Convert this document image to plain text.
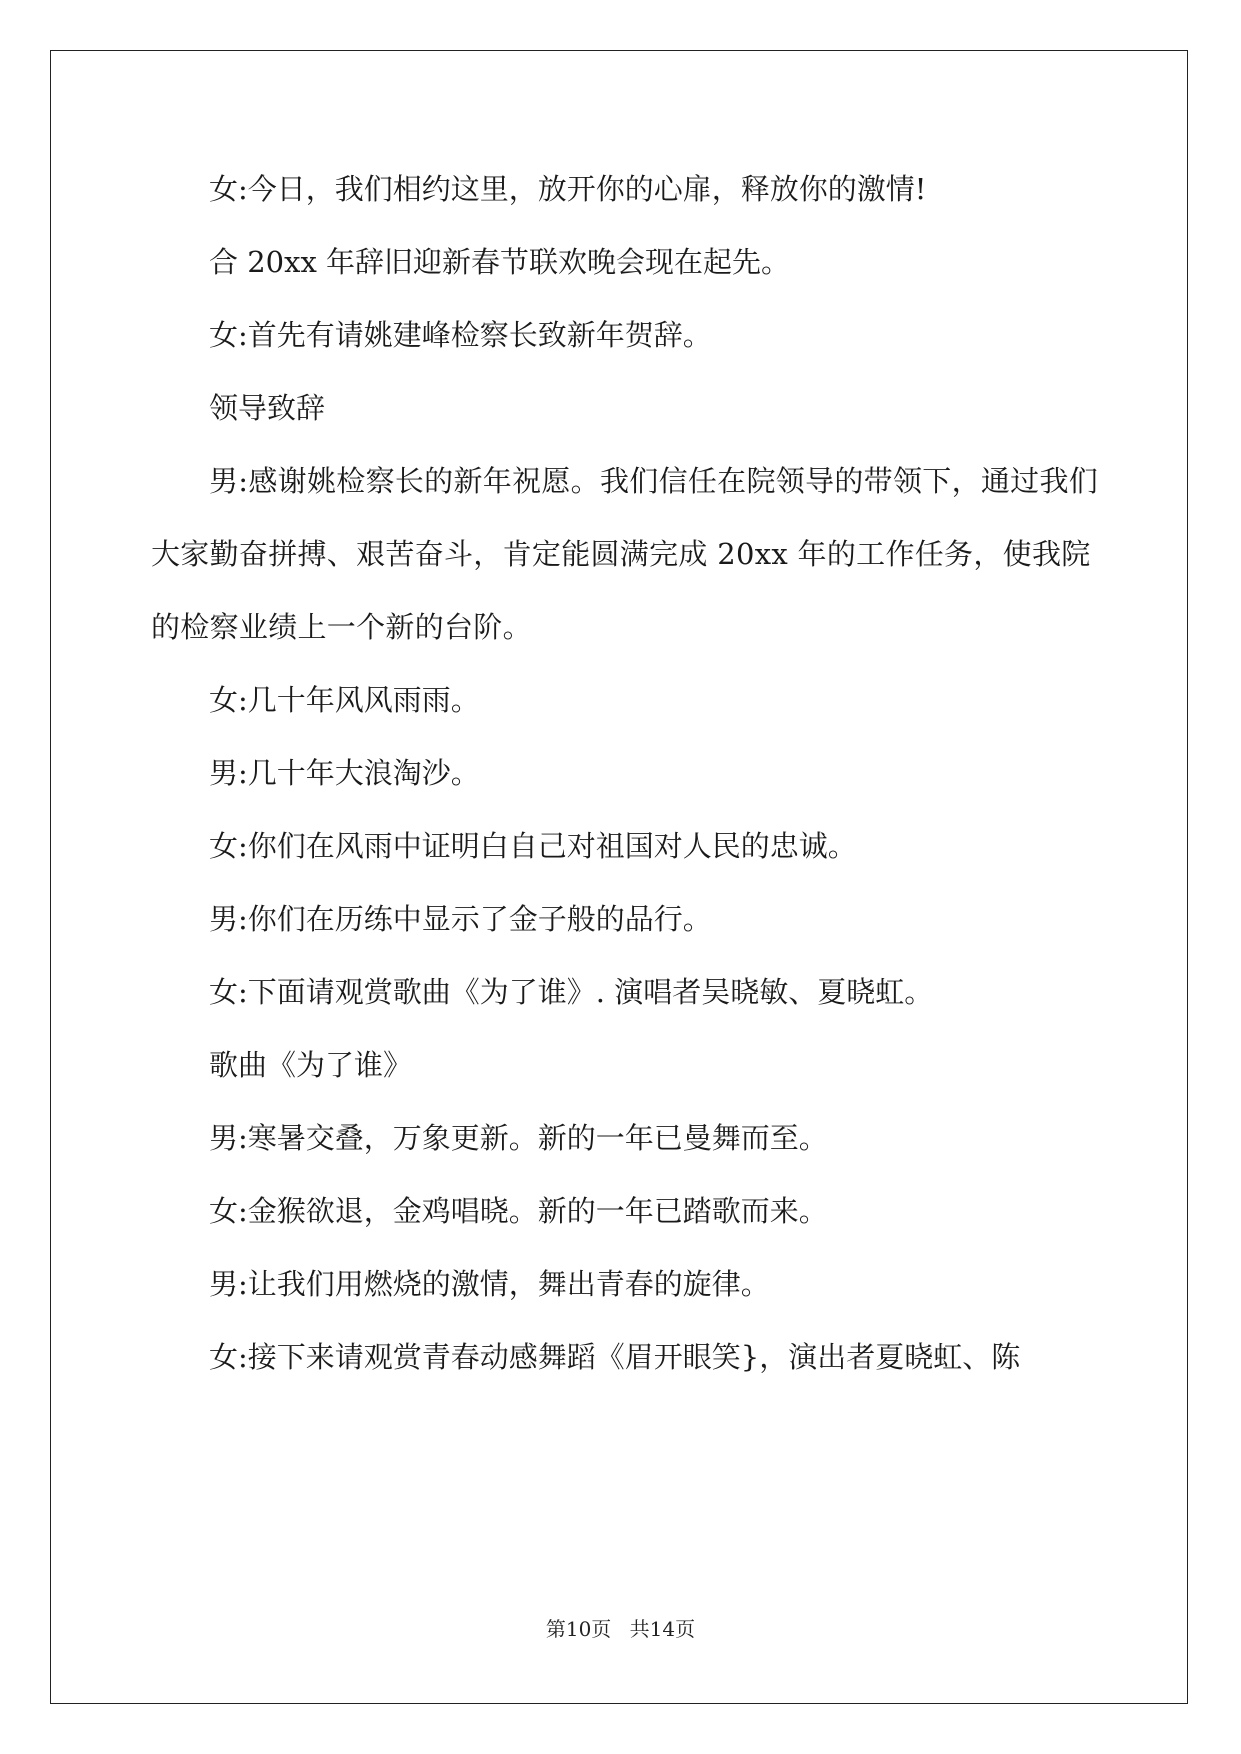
女:今日，我们相约这里，放开你的心扉，释放你的激情!

合 20xx 年辞旧迎新春节联欢晚会现在起先。

女:首先有请姚建峰检察长致新年贺辞。

领导致辞

男:感谢姚检察长的新年祝愿。我们信任在院领导的带领下，通过我们大家勤奋拼搏、艰苦奋斗，肯定能圆满完成 20xx 年的工作任务，使我院的检察业绩上一个新的台阶。

女:几十年风风雨雨。

男:几十年大浪淘沙。

女:你们在风雨中证明白自己对祖国对人民的忠诚。

男:你们在历练中显示了金子般的品行。

女:下面请观赏歌曲《为了谁》. 演唱者吴晓敏、夏晓虹。

歌曲《为了谁》

男:寒暑交叠，万象更新。新的一年已曼舞而至。

女:金猴欲退，金鸡唱晓。新的一年已踏歌而来。

男:让我们用燃烧的激情，舞出青春的旋律。

女:接下来请观赏青春动感舞蹈《眉开眼笑}，演出者夏晓虹、陈

第10页 共14页
